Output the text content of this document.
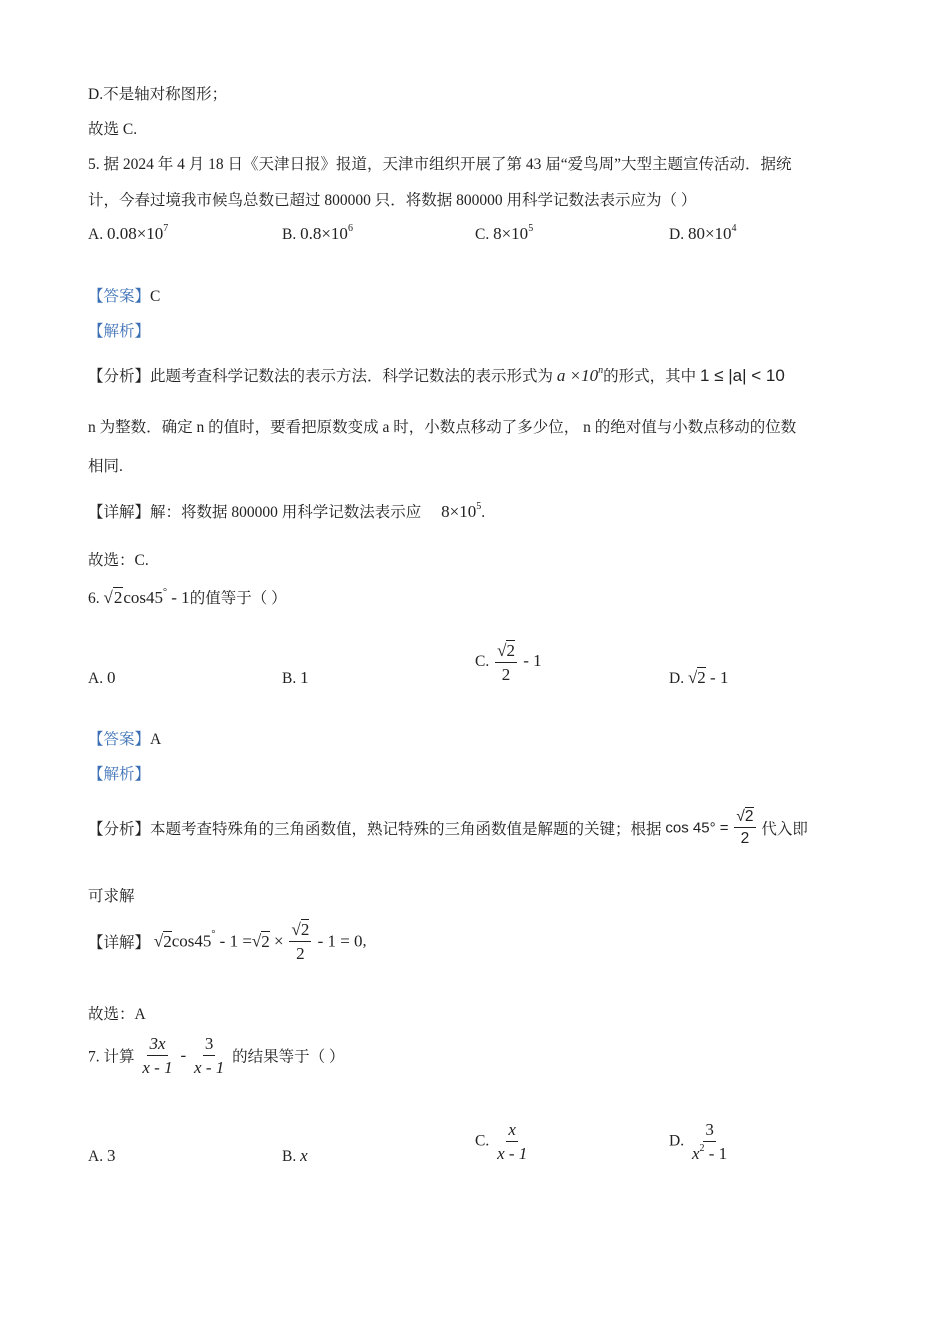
D.不是轴对称图形；
故选 C.
5. 据 2024 年 4 月 18 日《天津日报》报道，天津市组织开展了第 43 届“爱鸟周”大型主题宣传活动．据统
计，今春过境我市候鸟总数已超过 800000 只．将数据 800000 用科学记数法表示应为（ ）
A. $0.08\times 10^7$	B. $0.8\times 10^6$	C. $8\times 10^5$	D. $80\times 10^4$
【答案】C
【解析】
【分析】此题考查科学记数法的表示方法．科学记数法的表示形式为 $a \times 10^n$的形式，其中 1 ≤ |a| < 10
n 为整数．确定 n 的值时，要看把原数变成 a 时，小数点移动了多少位， n 的绝对值与小数点移动的位数
相同.
【详解】解：将数据 800000 用科学记数法表示应 $8\times 10^5$.
故选：C.
6. √2cos45° - 1的值等于（ ）
A. 0	B. 1
C. $\frac{√2}{2} - 1$
D. √2 - 1
【答案】A
【解析】
【分析】本题考查特殊角的三角函数值，熟记特殊的三角函数值是解题的关键；根据 $\cos 45^\circ = \frac{√2}{2}$ 代入即
可求解
【详解】 $√2\cos 45^\circ - 1 =√2 \times \frac{√2}{2} - 1 = 0$,
故选：A
7. 计算 $\frac{3x}{x - 1} - \frac{3}{x - 1}$ 的结果等于（ ）
A. 3	B. x
C. $\frac{x}{x - 1}$	D. $\frac{3}{x^2 - 1}$
